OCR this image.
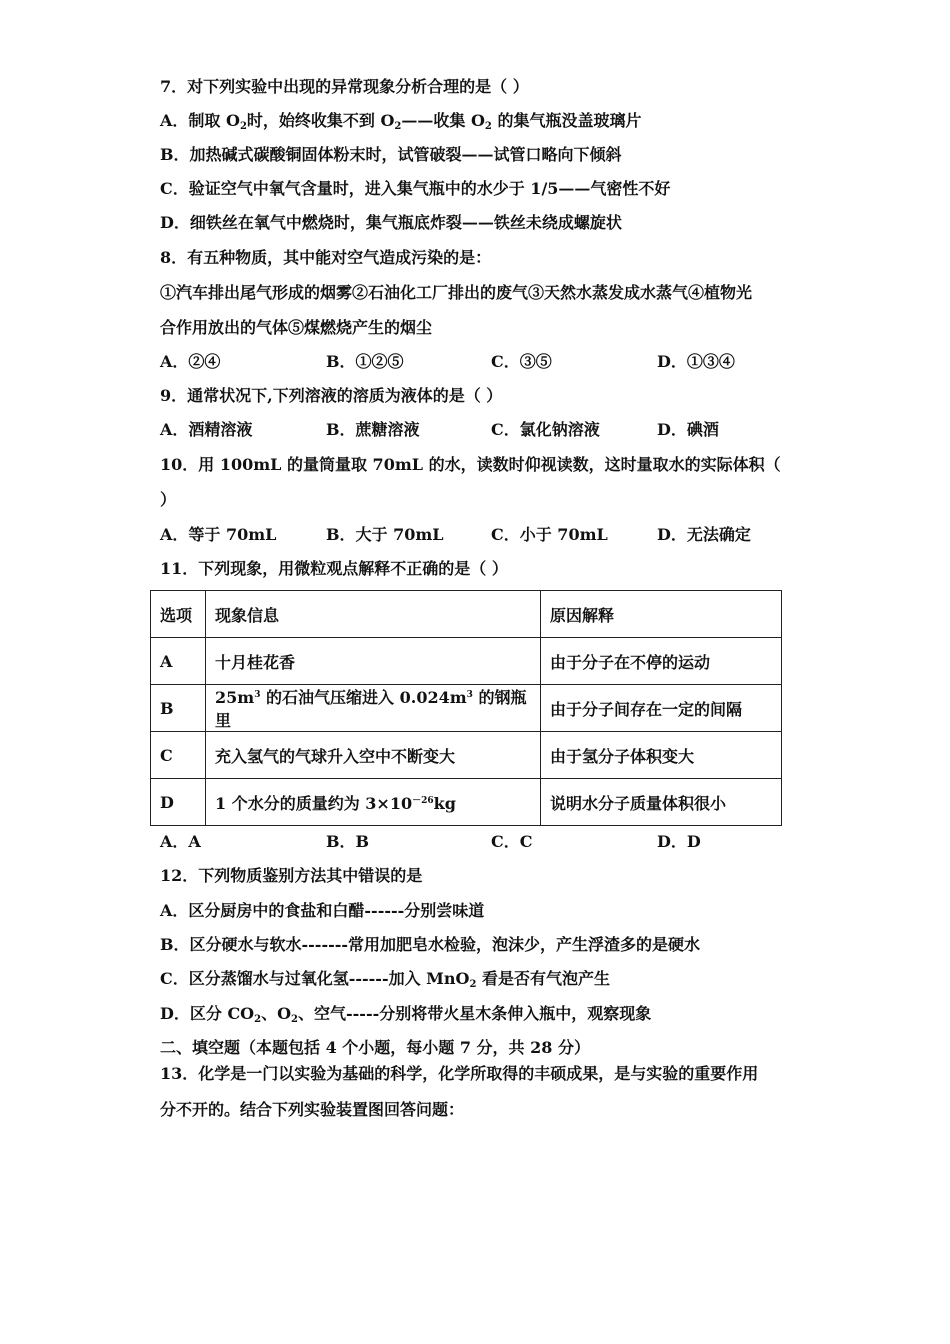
7．对下列实验中出现的异常现象分析合理的是（ ）
A．制取 $O_2$时，始终收集不到 $O_2——$收集 $O_2$ 的集气瓶没盖玻璃片
B．加热碱式碳酸铜固体粉末时，试管破裂——试管口略向下倾斜
C．验证空气中氧气含量时，进入集气瓶中的水少于 1/5——气密性不好
D．细铁丝在氧气中燃烧时，集气瓶底炸裂——铁丝未绕成螺旋状
8．有五种物质，其中能对空气造成污染的是：
①汽车排出尾气形成的烟雾②石油化工厂排出的废气③天然水蒸发成水蒸气④植物光
合作用放出的气体⑤煤燃烧产生的烟尘
A．②④	B．①②⑤	C．③⑤	D．①③④
9．通常状况下,下列溶液的溶质为液体的是（ ）
A．酒精溶液	B．蔗糖溶液	C．氯化钠溶液	D．碘酒
10．用 100mL 的量筒量取 70mL 的水，读数时仰视读数，这时量取水的实际体积（
）
A．等于 70mL	B．大于 70mL	C．小于 70mL	D．无法确定
11．下列现象，用微粒观点解释不正确的是（ ）
选项	现象信息	原因解释
A	十月桂花香	由于分子在不停的运动
B	$25m^3$ 的石油气压缩进入 $0.024m^3$ 的钢瓶里	由于分子间存在一定的间隔
C	充入氢气的气球升入空中不断变大	由于氢分子体积变大
D	1 个水分的质量约为 $3\times 10^{-26}kg$	说明水分子质量体积很小
A．A	B．B	C．C	D．D
12．下列物质鉴别方法其中错误的是
A．区分厨房中的食盐和白醋------分别尝味道
B．区分硬水与软水-------常用加肥皂水检验，泡沫少，产生浮渣多的是硬水
C．区分蒸馏水与过氧化氢------加入 MnO$_2$ 看是否有气泡产生
D．区分 $CO_2$、$O_2$、空气-----分别将带火星木条伸入瓶中，观察现象
二、填空题（本题包括 4 个小题，每小题 7 分，共 28 分）
13．化学是一门以实验为基础的科学，化学所取得的丰硕成果，是与实验的重要作用
分不开的。结合下列实验装置图回答问题：
